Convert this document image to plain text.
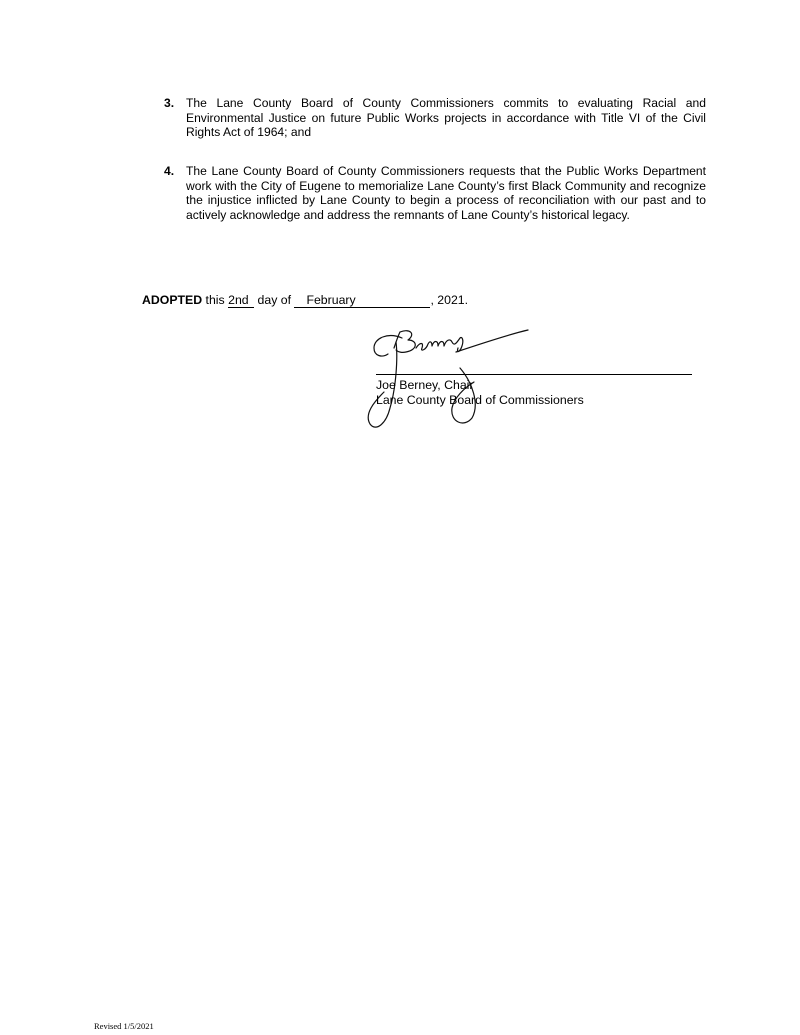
3. The Lane County Board of County Commissioners commits to evaluating Racial and Environmental Justice on future Public Works projects in accordance with Title VI of the Civil Rights Act of 1964; and
4. The Lane County Board of County Commissioners requests that the Public Works Department work with the City of Eugene to memorialize Lane County’s first Black Community and recognize the injustice inflicted by Lane County to begin a process of reconciliation with our past and to actively acknowledge and address the remnants of Lane County’s historical legacy.
ADOPTED this 2nd day of February	, 2021.
Joe Berney, Chair
Lane County Board of Commissioners
Revised 1/5/2021
